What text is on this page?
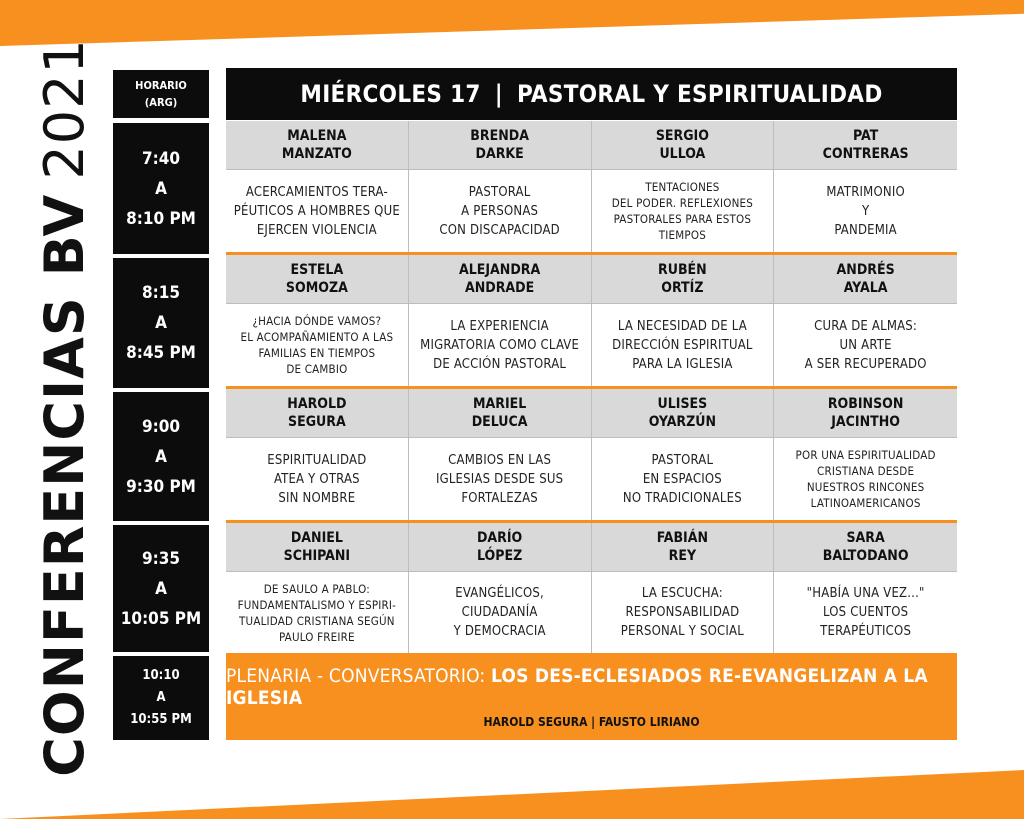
CONFERENCIAS BV2021	HORARIO
(ARG)
7:40
A
8:10 PM
8:15
A
8:45 PM
9:00
A
9:30 PM
9:35
A
10:05 PM
10:10
A
10:55 PM
MIÉRCOLES 17 | PASTORAL Y ESPIRITUALIDAD
MALENA
MANZATO
BRENDA
DARKE
SERGIO
ULLOA
PAT
CONTRERAS
ACERCAMIENTOS TERA-
PÉUTICOS A HOMBRES QUE
EJERCEN VIOLENCIA
PASTORAL
A PERSONAS
CON DISCAPACIDAD
TENTACIONES
DEL PODER. REFLEXIONES
PASTORALES PARA ESTOS
TIEMPOS
MATRIMONIO
Y
PANDEMIA
ESTELA
SOMOZA
ALEJANDRA
ANDRADE
RUBÉN
ORTÍZ
ANDRÉS
AYALA
¿HACIA DÓNDE VAMOS?
EL ACOMPAÑAMIENTO A LAS
FAMILIAS EN TIEMPOS
DE CAMBIO
LA EXPERIENCIA
MIGRATORIA COMO CLAVE
DE ACCIÓN PASTORAL
LA NECESIDAD DE LA
DIRECCIÓN ESPIRITUAL
PARA LA IGLESIA
CURA DE ALMAS:
UN ARTE
A SER RECUPERADO
HAROLD
SEGURA
MARIEL
DELUCA
ULISES
OYARZÚN
ROBINSON
JACINTHO
ESPIRITUALIDAD
ATEA Y OTRAS
SIN NOMBRE
CAMBIOS EN LAS
IGLESIAS DESDE SUS
FORTALEZAS
PASTORAL
EN ESPACIOS
NO TRADICIONALES
POR UNA ESPIRITUALIDAD
CRISTIANA DESDE
NUESTROS RINCONES
LATINOAMERICANOS
DANIEL
SCHIPANI
DARÍO
LÓPEZ
FABIÁN
REY
SARA
BALTODANO
DE SAULO A PABLO:
FUNDAMENTALISMO Y ESPIRI-
TUALIDAD CRISTIANA SEGÚN
PAULO FREIRE
EVANGÉLICOS,
CIUDADANÍA
Y DEMOCRACIA
LA ESCUCHA:
RESPONSABILIDAD
PERSONAL Y SOCIAL
"HABÍA UNA VEZ..."
LOS CUENTOS
TERAPÉUTICOS
PLENARIA - CONVERSATORIO: LOS DES-ECLESIADOS RE-EVANGELIZAN A LA IGLESIA
HAROLD SEGURA | FAUSTO LIRIANO
